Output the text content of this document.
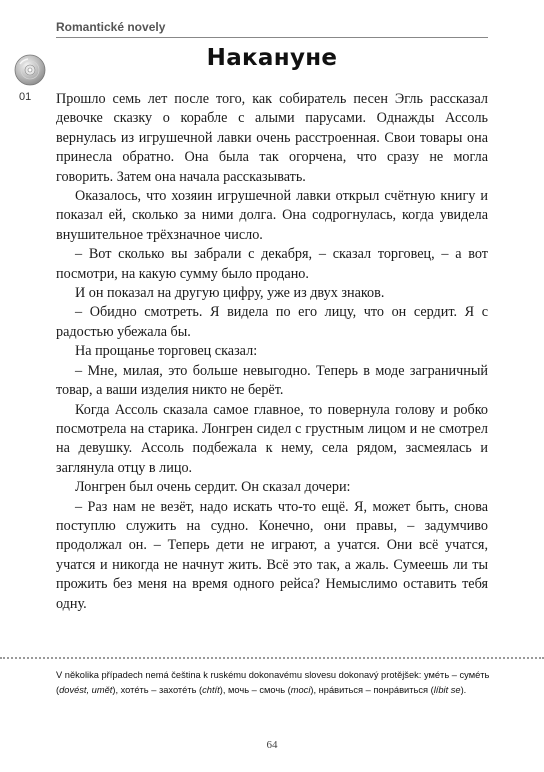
Romantické novely
Накануне
01 Прошло семь лет после того, как собиратель песен Эгль рассказал девочке сказку о корабле с алыми парусами. Однажды Ассоль вернулась из игрушечной лавки очень расстроенная. Свои товары она принесла обратно. Она была так огорчена, что сразу не могла говорить. Затем она начала рассказывать.

Оказалось, что хозяин игрушечной лавки открыл счётную книгу и показал ей, сколько за ними долга. Она содрогнулась, когда увидела внушительное трёхзначное число.

– Вот сколько вы забрали с декабря, – сказал торговец, – а вот посмотри, на какую сумму было продано.

И он показал на другую цифру, уже из двух знаков.

– Обидно смотреть. Я видела по его лицу, что он сердит. Я с радостью убежала бы.

На прощанье торговец сказал:

– Мне, милая, это больше невыгодно. Теперь в моде заграничный товар, а ваши изделия никто не берёт.

Когда Ассоль сказала самое главное, то повернула голову и робко посмотрела на старика. Лонгрен сидел с грустным лицом и не смотрел на девушку. Ассоль подбежала к нему, села рядом, засмеялась и заглянула отцу в лицо.

Лонгрен был очень сердит. Он сказал дочери:

– Раз нам не везёт, надо искать что-то ещё. Я, может быть, снова поступлю служить на судно. Конечно, они правы, – задумчиво продолжал он. – Теперь дети не играют, а учатся. Они всё учатся, учатся и никогда не начнут жить. Всё это так, а жаль. Сумеешь ли ты прожить без меня на время одного рейса? Немыслимо оставить тебя одну.

V několika případech nemá čeština k ruskému dokonavému slovesu dokonavý protějšek: умéть – сумéть (dovést, umět), хотéть – захотéть (chtít), мочь – смочь (moci), нрáвиться – понрáвиться (líbit se).
64
